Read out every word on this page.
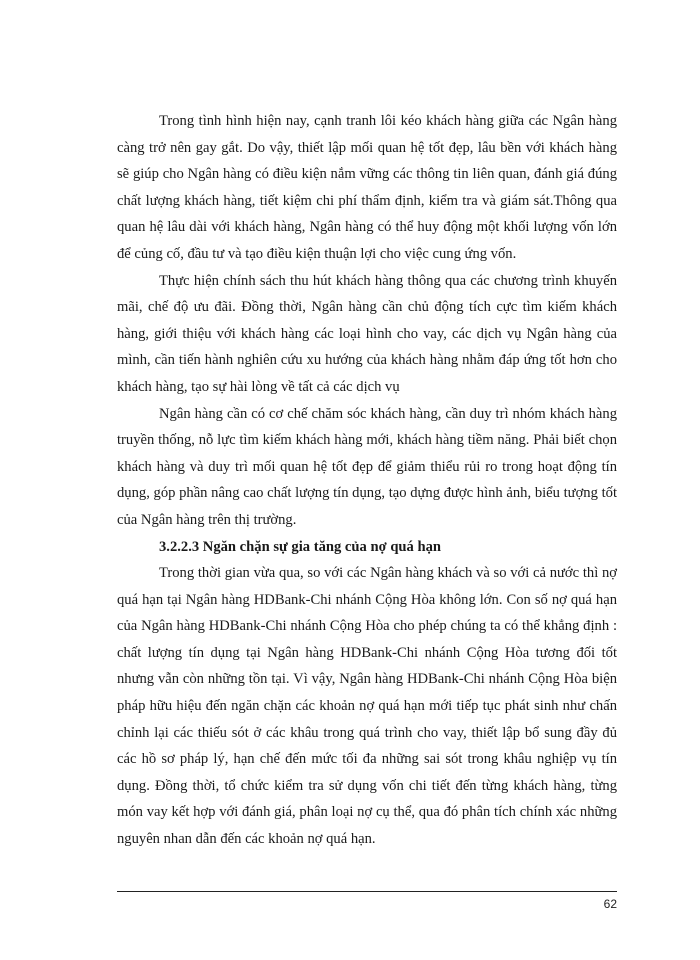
Trong tình hình hiện nay, cạnh tranh lôi kéo khách hàng giữa các Ngân hàng càng trở nên gay gắt. Do vậy, thiết lập mối quan hệ tốt đẹp, lâu bền với khách hàng sẽ giúp cho Ngân hàng có điều kiện nắm vững các thông tin liên quan, đánh giá đúng chất lượng khách hàng, tiết kiệm chi phí thẩm định, kiểm tra và giám sát.Thông qua quan hệ lâu dài với khách hàng, Ngân hàng có thể huy động một khối lượng vốn lớn để củng cố, đầu tư và tạo điều kiện thuận lợi cho việc cung ứng vốn.

Thực hiện chính sách thu hút khách hàng thông qua các chương trình khuyến mãi, chế độ ưu đãi. Đồng thời, Ngân hàng cần chủ động tích cực tìm kiếm khách hàng, giới thiệu với khách hàng các loại hình cho vay, các dịch vụ Ngân hàng của mình, cần tiến hành nghiên cứu xu hướng của khách hàng nhằm đáp ứng tốt hơn cho khách hàng, tạo sự hài lòng về tất cả các dịch vụ

Ngân hàng cần có cơ chế chăm sóc khách hàng, cần duy trì nhóm khách hàng truyền thống, nỗ lực tìm kiếm khách hàng mới, khách hàng tiềm năng. Phải biết chọn khách hàng và duy trì mối quan hệ tốt đẹp để giảm thiểu rủi ro trong hoạt động tín dụng, góp phần nâng cao chất lượng tín dụng, tạo dựng được hình ảnh, biểu tượng tốt của Ngân hàng trên thị trường.

3.2.2.3 Ngăn chặn sự gia tăng của nợ quá hạn

Trong thời gian vừa qua, so với các Ngân hàng khách và so với cả nước thì nợ quá hạn tại Ngân hàng HDBank-Chi nhánh Cộng Hòa không lớn. Con số nợ quá hạn của Ngân hàng HDBank-Chi nhánh Cộng Hòa cho phép chúng ta có thể khẳng định : chất lượng tín dụng tại Ngân hàng HDBank-Chi nhánh Cộng Hòa tương đối tốt nhưng vẫn còn những tồn tại. Vì vậy, Ngân hàng HDBank-Chi nhánh Cộng Hòa biện pháp hữu hiệu đến ngăn chặn các khoản nợ quá hạn mới tiếp tục phát sinh như chấn chỉnh lại các thiếu sót ở các khâu trong quá trình cho vay, thiết lập bổ sung đầy đủ các hồ sơ pháp lý, hạn chế đến mức tối đa những sai sót trong khâu nghiệp vụ tín dụng. Đồng thời, tổ chức kiểm tra sử dụng vốn chi tiết đến từng khách hàng, từng món vay kết hợp với đánh giá, phân loại nợ cụ thể, qua đó phân tích chính xác những nguyên nhan dẫn đến các khoản nợ quá hạn.

62
